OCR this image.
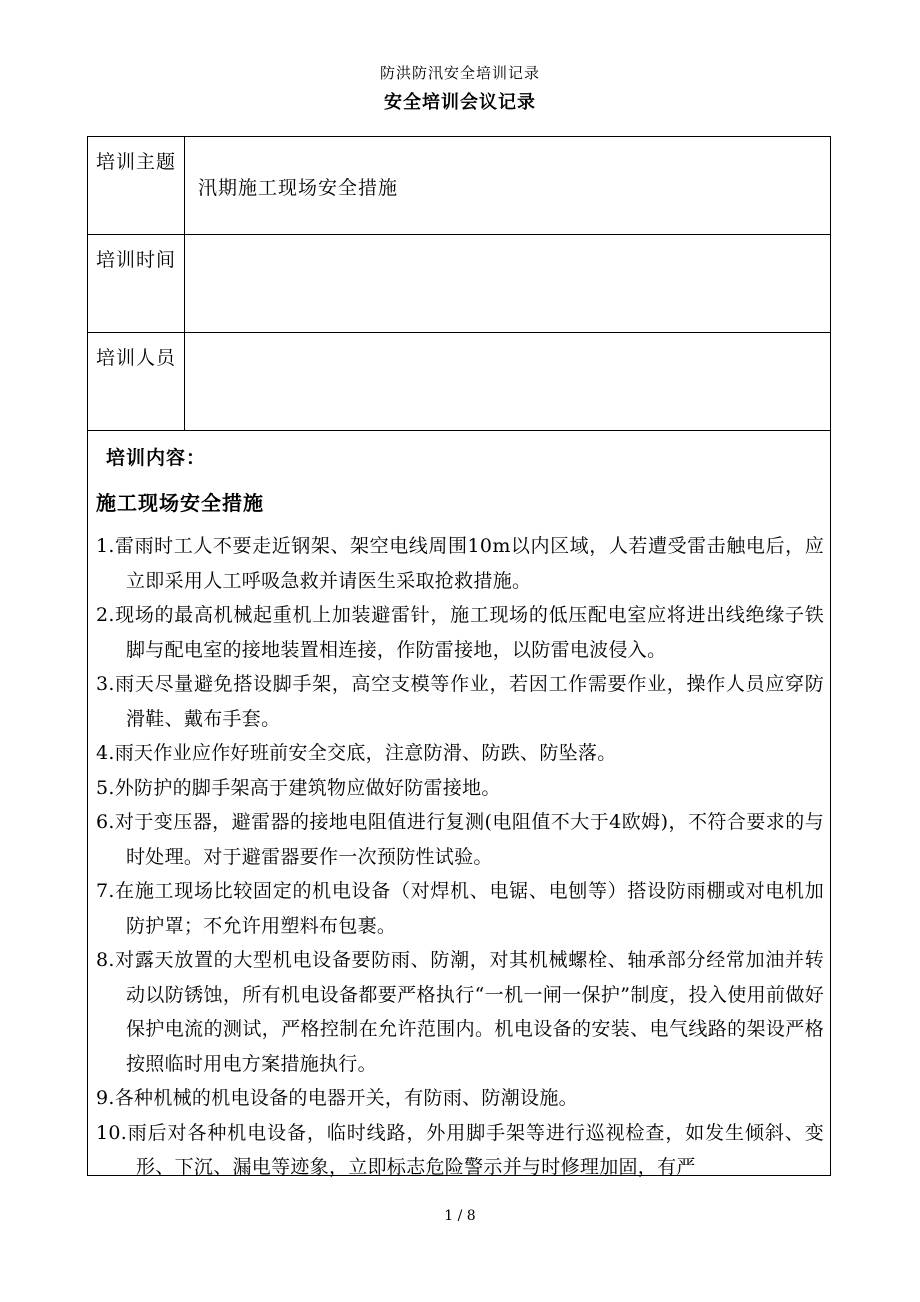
防洪防汛安全培训记录
安全培训会议记录
培训主题
汛期施工现场安全措施
培训时间
培训人员
培训内容：
施工现场安全措施
1.雷雨时工人不要走近钢架、架空电线周围10m以内区域，人若遭受雷击触电后，应立即采用人工呼吸急救并请医生采取抢救措施。
2.现场的最高机械起重机上加装避雷针，施工现场的低压配电室应将进出线绝缘子铁脚与配电室的接地装置相连接，作防雷接地，以防雷电波侵入。
3.雨天尽量避免搭设脚手架，高空支模等作业，若因工作需要作业，操作人员应穿防滑鞋、戴布手套。
4.雨天作业应作好班前安全交底，注意防滑、防跌、防坠落。
5.外防护的脚手架高于建筑物应做好防雷接地。
6.对于变压器，避雷器的接地电阻值进行复测(电阻值不大于4欧姆)，不符合要求的与时处理。对于避雷器要作一次预防性试验。
7.在施工现场比较固定的机电设备（对焊机、电锯、电刨等）搭设防雨棚或对电机加防护罩；不允许用塑料布包裹。
8.对露天放置的大型机电设备要防雨、防潮，对其机械螺栓、轴承部分经常加油并转动以防锈蚀，所有机电设备都要严格执行“一机一闸一保护”制度，投入使用前做好保护电流的测试，严格控制在允许范围内。机电设备的安装、电气线路的架设严格按照临时用电方案措施执行。
9.各种机械的机电设备的电器开关，有防雨、防潮设施。
10.雨后对各种机电设备，临时线路，外用脚手架等进行巡视检查，如发生倾斜、变形、下沉、漏电等迹象，立即标志危险警示并与时修理加固，有严
1 / 8
